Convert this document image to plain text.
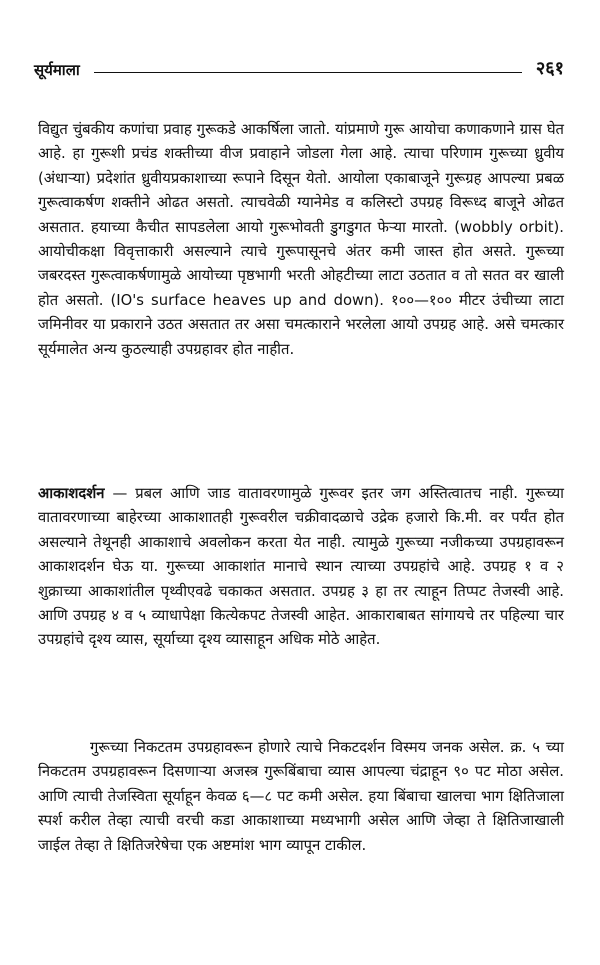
सूर्यमाला	२६१
विद्युत चुंबकीय कणांचा प्रवाह गुरूकडे आकर्षिला जातो. यांप्रमाणे गुरू आयोचा कणाकणाने ग्रास घेत आहे. हा गुरूशी प्रचंड शक्तीच्या वीज प्रवाहाने जोडला गेला आहे. त्याचा परिणाम गुरूच्या ध्रुवीय (अंधाऱ्या) प्रदेशांत ध्रुवीयप्रकाशाच्या रूपाने दिसून येतो. आयोला एकाबाजूने गुरूग्रह आपल्या प्रबळ गुरूत्वाकर्षण शक्तीने ओढत असतो. त्याचवेळी ग्यानेमेड व कलिस्टो उपग्रह विरूध्द बाजूने ओढत असतात. हयाच्या कैचीत सापडलेला आयो गुरूभोवती डुगडुगत फेऱ्या मारतो. (wobbly orbit). आयोचीकक्षा विवृत्ताकारी असल्याने त्याचे गुरूपासूनचे अंतर कमी जास्त होत असते. गुरूच्या जबरदस्त गुरूत्वाकर्षणामुळे आयोच्या पृष्ठभागी भरती ओहटीच्या लाटा उठतात व तो सतत वर खाली होत असतो. (IO's surface heaves up and down). १००—१०० मीटर उंचीच्या लाटा जमिनीवर या प्रकाराने उठत असतात तर असा चमत्काराने भरलेला आयो उपग्रह आहे. असे चमत्कार सूर्यमालेत अन्य कुठल्याही उपग्रहावर होत नाहीत.
आकाशदर्शन — प्रबल आणि जाड वातावरणामुळे गुरूवर इतर जग अस्तित्वातच नाही. गुरूच्या वातावरणाच्या बाहेरच्या आकाशातही गुरूवरील चक्रीवादळाचे उद्रेक हजारो कि.मी. वर पर्यंत होत असल्याने तेथूनही आकाशाचे अवलोकन करता येत नाही. त्यामुळे गुरूच्या नजीकच्या उपग्रहावरून आकाशदर्शन घेऊ या. गुरूच्या आकाशांत मानाचे स्थान त्याच्या उपग्रहांचे आहे. उपग्रह १ व २ शुक्राच्या आकाशांतील पृथ्वीएवढे चकाकत असतात. उपग्रह ३ हा तर त्याहून तिप्पट तेजस्वी आहे. आणि उपग्रह ४ व ५ व्याधापेक्षा कित्येकपट तेजस्वी आहेत. आकाराबाबत सांगायचे तर पहिल्या चार उपग्रहांचे दृश्य व्यास, सूर्याच्या दृश्य व्यासाहून अधिक मोठे आहेत.
गुरूच्या निकटतम उपग्रहावरून होणारे त्याचे निकटदर्शन विस्मय जनक असेल. क्र. ५ च्या निकटतम उपग्रहावरून दिसणाऱ्या अजस्त्र गुरूबिंबाचा व्यास आपल्या चंद्राहून ९० पट मोठा असेल. आणि त्याची तेजस्विता सूर्याहून केवळ ६—८ पट कमी असेल. हया बिंबाचा खालचा भाग क्षितिजाला स्पर्श करील तेव्हा त्याची वरची कडा आकाशाच्या मध्यभागी असेल आणि जेव्हा ते क्षितिजाखाली जाईल तेव्हा ते क्षितिजरेषेचा एक अष्टमांश भाग व्यापून टाकील.
